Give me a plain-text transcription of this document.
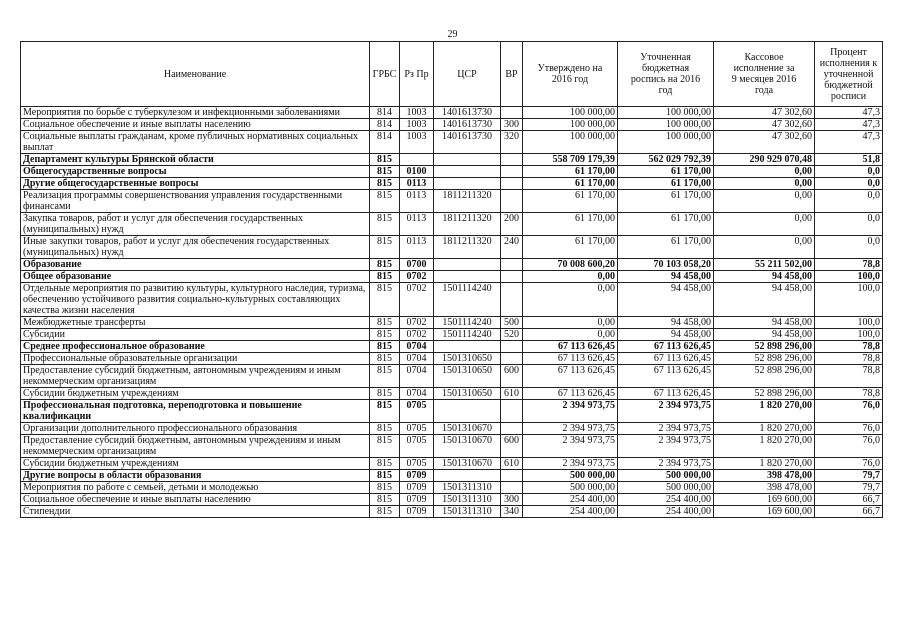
29
Наименование	ГРБС	Рз Пр	ЦСР	ВР	Утверждено на 2016 год	Уточненная бюджетная роспись на 2016 год	Кассовое исполнение за 9 месяцев 2016 года	Процент исполнения к уточненной бюджетной росписи
Мероприятия по борьбе с туберкулезом и инфекционными заболеваниями	814	1003	1401613730		100 000,00	100 000,00	47 302,60	47,3
Социальное обеспечение и иные выплаты населению	814	1003	1401613730	300	100 000,00	100 000,00	47 302,60	47,3
Социальные выплаты гражданам, кроме публичных нормативных социальных выплат	814	1003	1401613730	320	100 000,00	100 000,00	47 302,60	47,3
Департамент культуры Брянской области	815				558 709 179,39	562 029 792,39	290 929 070,48	51,8
Общегосударственные вопросы	815	0100			61 170,00	61 170,00	0,00	0,0
Другие общегосударственные вопросы	815	0113			61 170,00	61 170,00	0,00	0,0
Реализация программы совершенствования управления государственными финансами	815	0113	1811211320		61 170,00	61 170,00	0,00	0,0
Закупка товаров, работ и услуг для обеспечения государственных (муниципальных) нужд	815	0113	1811211320	200	61 170,00	61 170,00	0,00	0,0
Иные закупки товаров, работ и услуг для обеспечения государственных (муниципальных) нужд	815	0113	1811211320	240	61 170,00	61 170,00	0,00	0,0
Образование	815	0700			70 008 600,20	70 103 058,20	55 211 502,00	78,8
Общее образование	815	0702			0,00	94 458,00	94 458,00	100,0
Отдельные мероприятия по развитию культуры, культурного наследия, туризма, обеспечению устойчивого развития социально-культурных составляющих качества жизни населения	815	0702	1501114240		0,00	94 458,00	94 458,00	100,0
Межбюджетные трансферты	815	0702	1501114240	500	0,00	94 458,00	94 458,00	100,0
Субсидии	815	0702	1501114240	520	0,00	94 458,00	94 458,00	100,0
Среднее профессиональное образование	815	0704			67 113 626,45	67 113 626,45	52 898 296,00	78,8
Профессиональные образовательные организации	815	0704	1501310650		67 113 626,45	67 113 626,45	52 898 296,00	78,8
Предоставление субсидий бюджетным, автономным учреждениям и иным некоммерческим организациям	815	0704	1501310650	600	67 113 626,45	67 113 626,45	52 898 296,00	78,8
Субсидии бюджетным учреждениям	815	0704	1501310650	610	67 113 626,45	67 113 626,45	52 898 296,00	78,8
Профессиональная подготовка, переподготовка и повышение квалификации	815	0705			2 394 973,75	2 394 973,75	1 820 270,00	76,0
Организации дополнительного профессионального образования	815	0705	1501310670		2 394 973,75	2 394 973,75	1 820 270,00	76,0
Предоставление субсидий бюджетным, автономным учреждениям и иным некоммерческим организациям	815	0705	1501310670	600	2 394 973,75	2 394 973,75	1 820 270,00	76,0
Субсидии бюджетным учреждениям	815	0705	1501310670	610	2 394 973,75	2 394 973,75	1 820 270,00	76,0
Другие вопросы в области образования	815	0709			500 000,00	500 000,00	398 478,00	79,7
Мероприятия по работе с семьей, детьми и молодежью	815	0709	1501311310		500 000,00	500 000,00	398 478,00	79,7
Социальное обеспечение и иные выплаты населению	815	0709	1501311310	300	254 400,00	254 400,00	169 600,00	66,7
Стипендии	815	0709	1501311310	340	254 400,00	254 400,00	169 600,00	66,7
